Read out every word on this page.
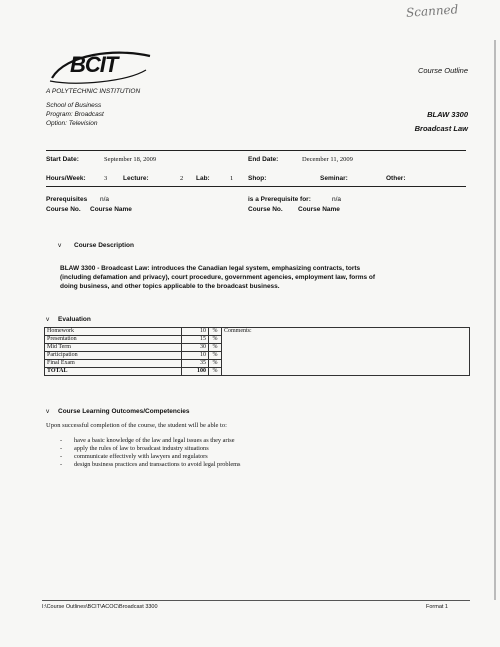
Scanned
BCIT
A POLYTECHNIC INSTITUTION
Course Outline
School of Business
Program: Broadcast
Option: Television
BLAW 3300
Broadcast Law
Start Date:	September 18, 2009	End Date:	December 11, 2009
Hours/Week:	3 Lecture:	2 Lab:	1 Shop:	Seminar:	Other:
Prerequisites n/a
Course No. Course Name
is a Prerequisite for:	n/a
Course No. Course Name
v Course Description
BLAW 3300 - Broadcast Law: introduces the Canadian legal system, emphasizing contracts, torts
(including defamation and privacy), court procedure, government agencies, employment law, forms of
doing business, and other topics applicable to the broadcast business.
v Evaluation
Homework	10	%	Comments:
Presentation	15	%	
Mid Term	30	%	
Participation	10	%	
Final Exam	35	%	
TOTAL	100	%	
v Course Learning Outcomes/Competencies
Upon successful completion of the course, the student will be able to:
- have a basic knowledge of the law and legal issues as they arise
- apply the rules of law to broadcast industry situations
- communicate effectively with lawyers and regulators
- design business practices and transactions to avoid legal problems
I:\Course Outlines\BCIT\ACOC\Broadcast 3300	Format 1
